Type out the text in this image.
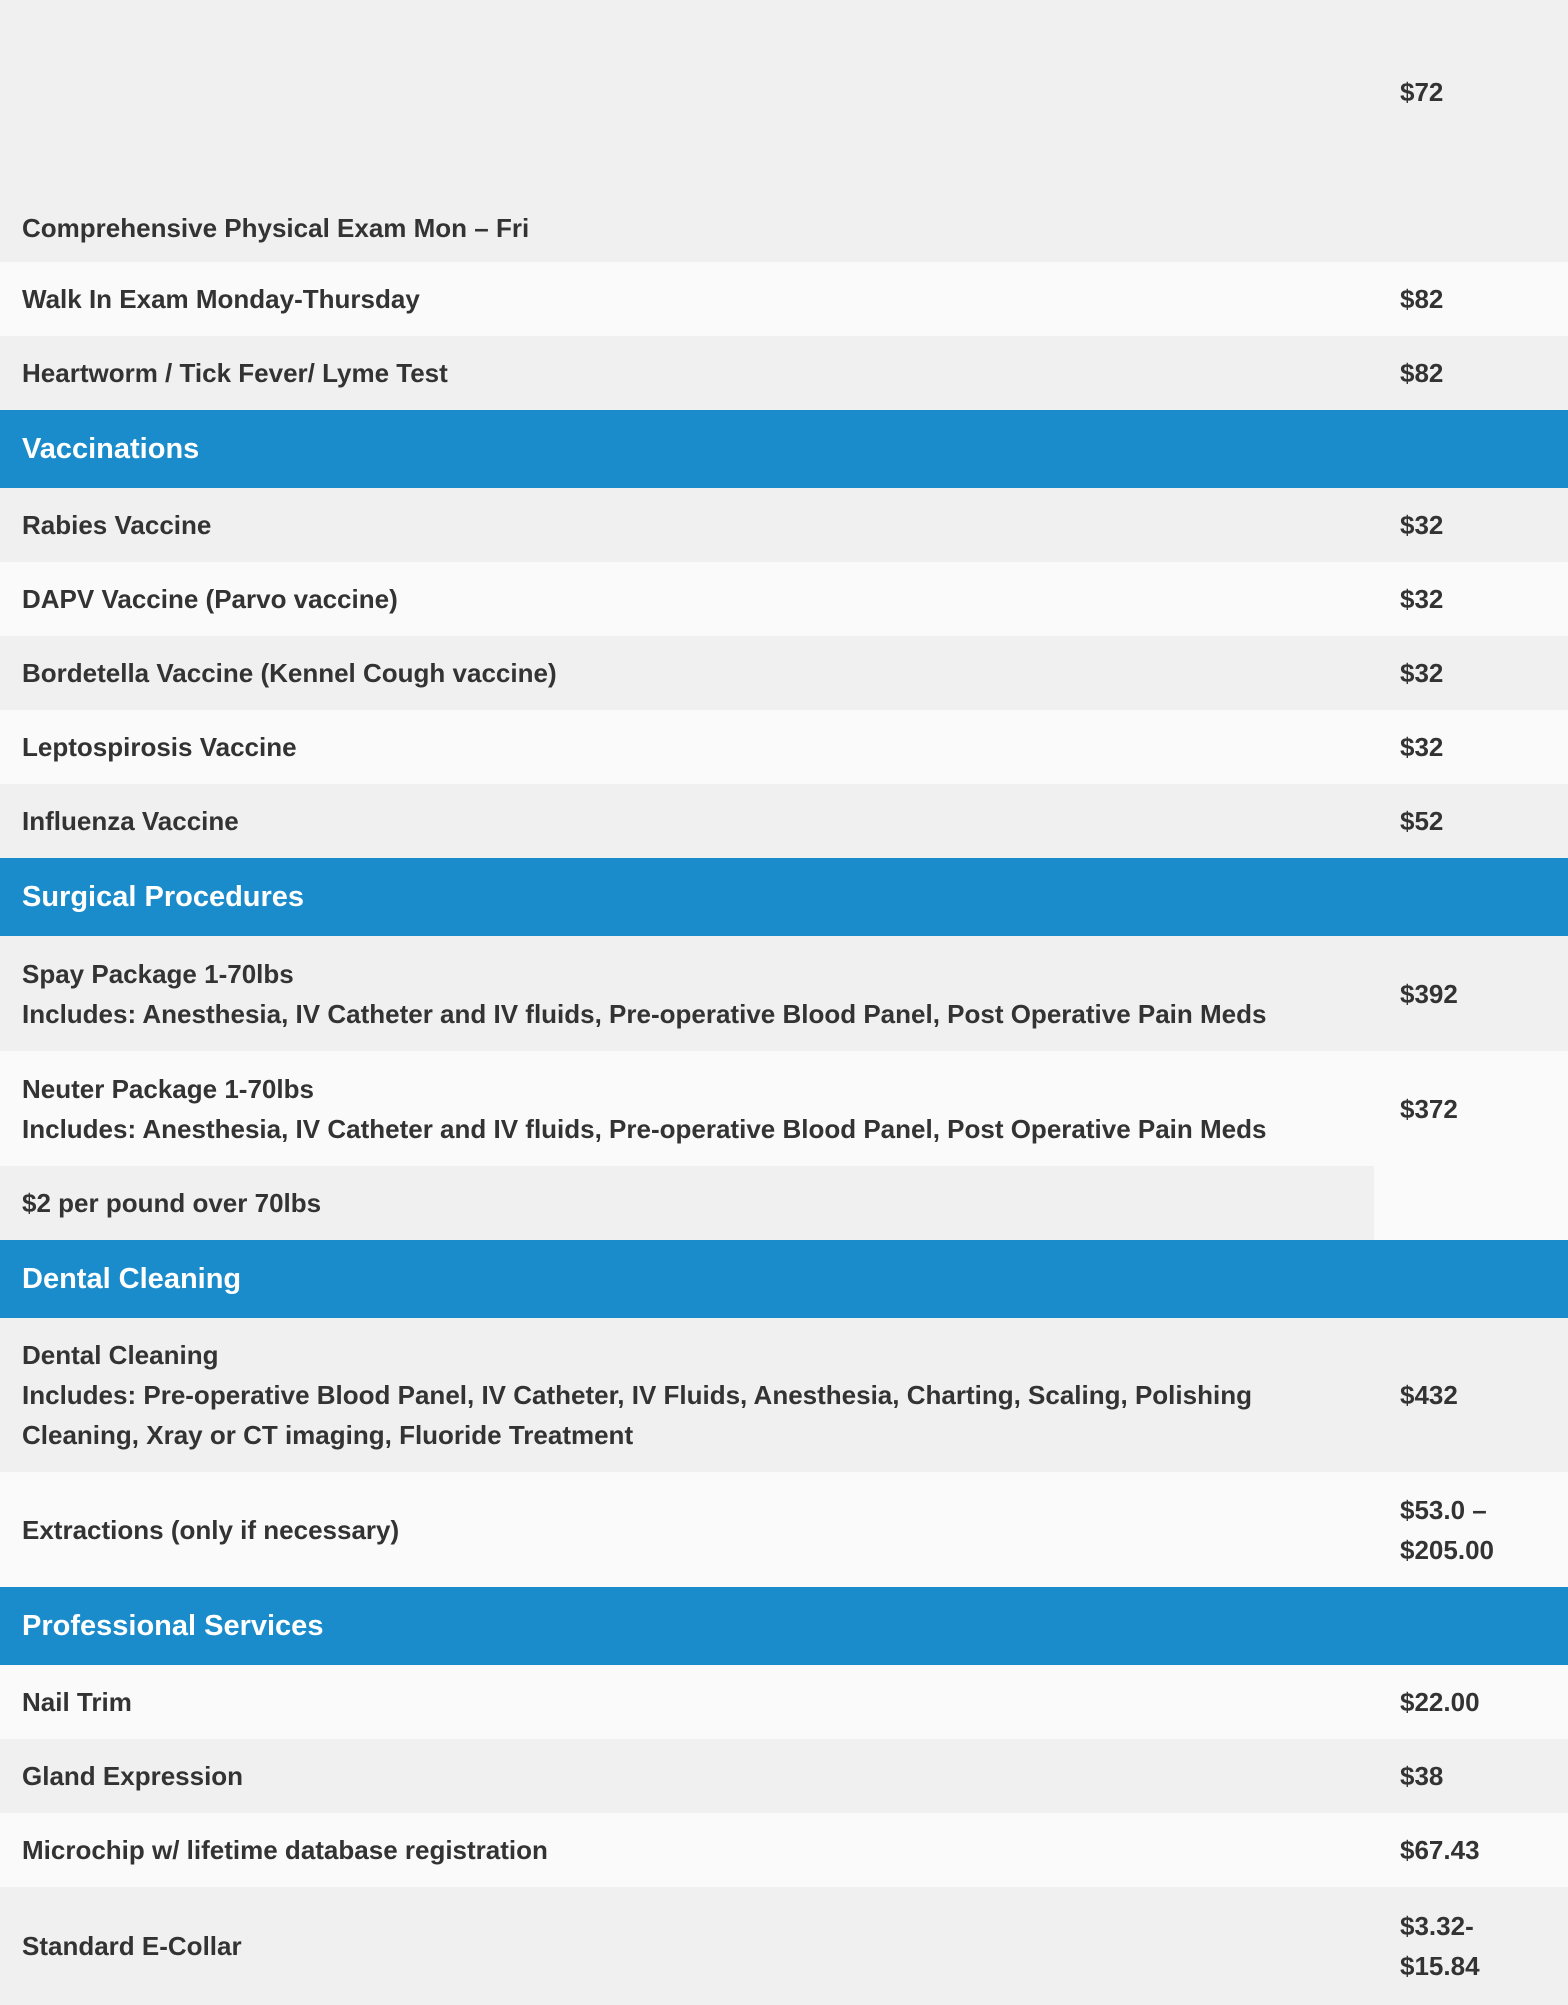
Comprehensive Physical Exam Mon – Fri	$72
Walk In Exam Monday-Thursday	$82
Heartworm / Tick Fever/ Lyme Test	$82
Vaccinations	
Rabies Vaccine	$32
DAPV Vaccine (Parvo vaccine)	$32
Bordetella Vaccine (Kennel Cough vaccine)	$32
Leptospirosis Vaccine	$32
Influenza Vaccine	$52
Surgical Procedures	

Spay Package 1-70lbs
Includes: Anesthesia, IV Catheter and IV fluids, Pre-operative Blood Panel, Post Operative Pain Meds	$392

Neuter Package 1-70lbs
Includes: Anesthesia, IV Catheter and IV fluids, Pre-operative Blood Panel, Post Operative Pain Meds	$372
$2 per pound over 70lbs	
Dental Cleaning	

Dental Cleaning
Includes: Pre-operative Blood Panel, IV Catheter, IV Fluids, Anesthesia, Charting, Scaling, Polishing
Cleaning, Xray or CT imaging, Fluoride Treatment	$432
Extractions (only if necessary)	$53.0 –
$205.00

Professional Services	
Nail Trim	$22.00
Gland Expression	$38
Microchip w/ lifetime database registration	$67.43
Standard E-Collar	$3.32-
$15.84
